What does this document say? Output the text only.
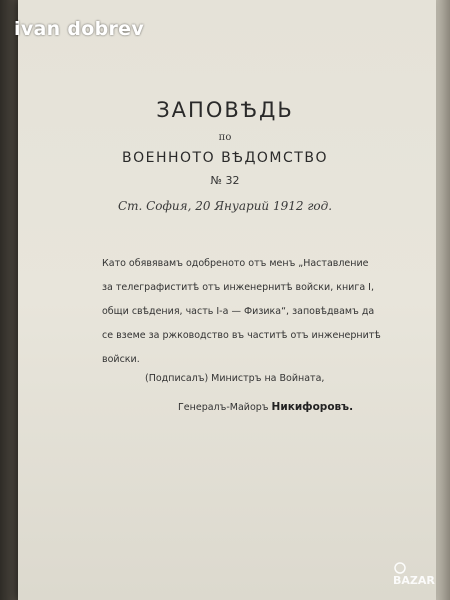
ivan dobrev
ЗАПОВѢДЬ
по
ВОЕННОТО ВѢДОМСТВО
№ 32
Ст. София, 20 Януарий 1912 год.
Като обявявамъ одобреното отъ менъ „Наставление
за телеграфиститѣ отъ инженернитѣ войски, книга I,
общи свѣдения, часть I-а — Физика“, заповѣдвамъ да
се вземе за ржководство въ частитѣ отъ инженернитѣ
войски.
(Подписалъ) Министръ на Войната,
Генералъ-Майоръ Никифоровъ.
BAZAR
